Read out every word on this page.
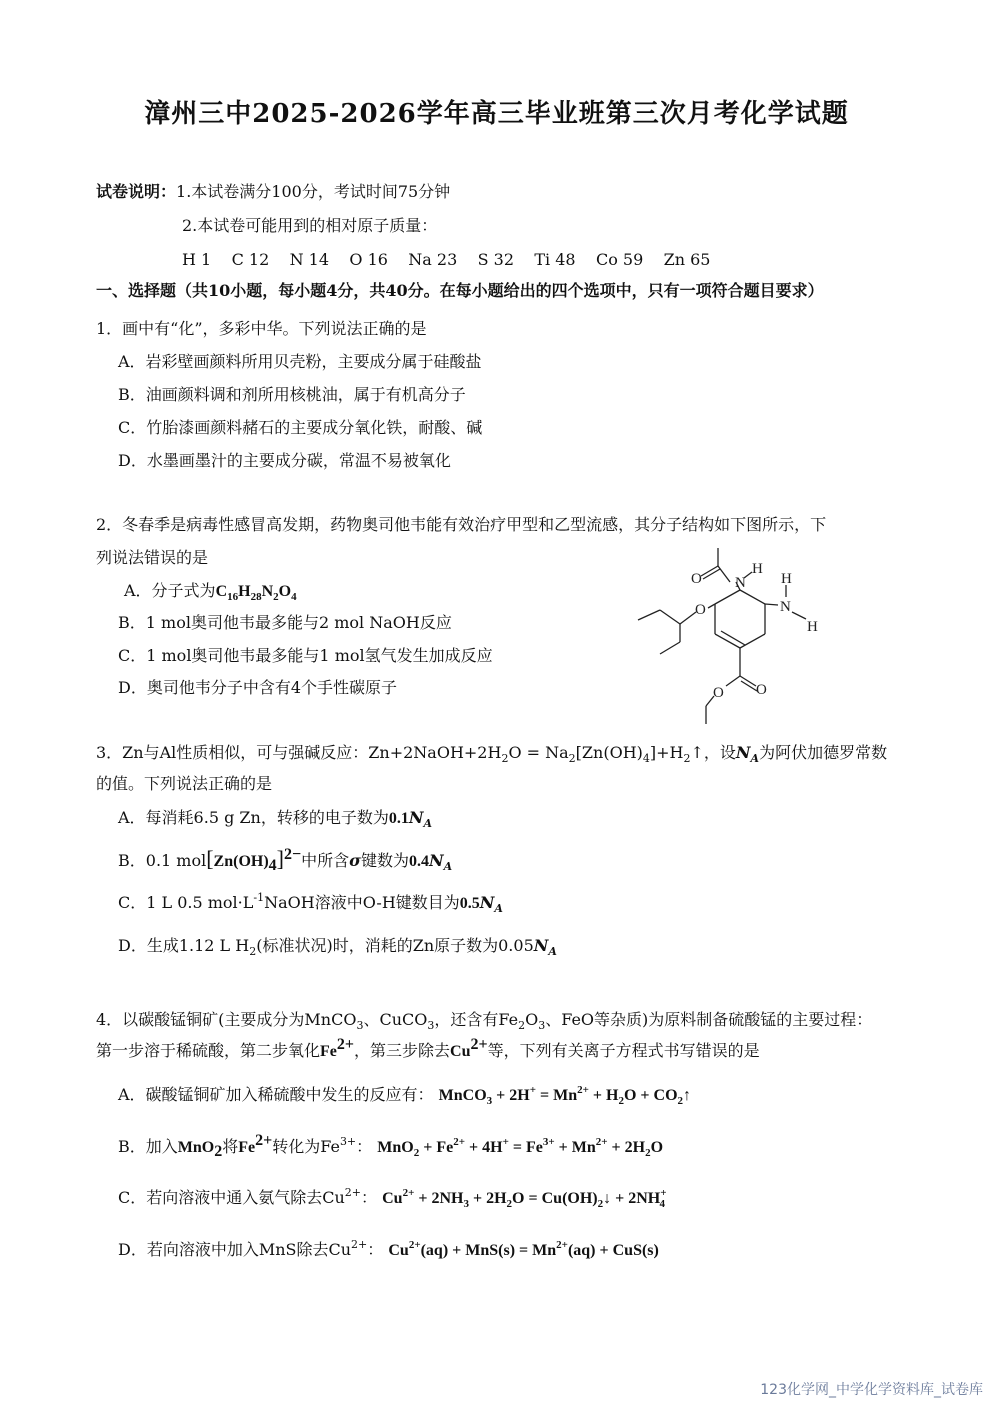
漳州三中2025-2026学年高三毕业班第三次月考化学试题
试卷说明：1.本试卷满分100分，考试时间75分钟
2.本试卷可能用到的相对原子质量：
H 1    C 12    N 14    O 16    Na 23    S 32    Ti 48    Co 59    Zn 65
一、选择题（共10小题，每小题4分，共40分。在每小题给出的四个选项中，只有一项符合题目要求）
1．画中有“化”，多彩中华。下列说法正确的是
A．岩彩壁画颜料所用贝壳粉，主要成分属于硅酸盐
B．油画颜料调和剂所用核桃油，属于有机高分子
C．竹胎漆画颜料赭石的主要成分氧化铁，耐酸、碱
D．水墨画墨汁的主要成分碳，常温不易被氧化
2．冬春季是病毒性感冒高发期，药物奥司他韦能有效治疗甲型和乙型流感，其分子结构如下图所示，下
列说法错误的是
A．分子式为$C_{16}H_{28}N_2O_4$
B．1 mol奥司他韦最多能与2 mol NaOH反应
C．1 mol奥司他韦最多能与1 mol氢气发生加成反应
D．奥司他韦分子中含有4个手性碳原子
N
H
O
N
H
H
O
O
O
3．Zn与Al性质相似，可与强碱反应：$Zn+2NaOH+2H_2O$ = $Na_2[Zn(OH)_4]+H_2↑$，设$N_A$为阿伏加德罗常数
的值。下列说法正确的是
A．每消耗6.5 g Zn，转移的电子数为$0.1N_A$
B．0.1 $mol[Zn(OH)_4]^{2-}$中所含σ键数为$0.4N_A$
C．1 L 0.5 $mol\cdot L^{-1}NaOH$溶液中O-H键数目为$0.5N_A$
D．生成1.12 L $H_2$(标准状况)时，消耗的Zn原子数为$0.05N_A$
4．以碳酸锰铜矿(主要成分为MnCO$_3$、CuCO$_3$，还含有$Fe_2O_3$、FeO等杂质)为原料制备硫酸锰的主要过程：
第一步溶于稀硫酸，第二步氧化$Fe^{2+}$，第三步除去$Cu^{2+}$等，下列有关离子方程式书写错误的是
A．碳酸锰铜矿加入稀硫酸中发生的反应有： MnCO$_3$ + $2H^+ = Mn^{2+} + H_2O$ + $CO_2↑$
B．加入MnO$_2$将$Fe^{2+}$转化为$Fe^{3+}$： $MnO_2 + Fe^{2+} + 4H^+ = Fe^{3+} + Mn^{2+} + 2H_2O$
C．若向溶液中通入氨气除去$Cu^{2+}$： $Cu^{2+} + 2NH_3 + 2H_2O$ = $Cu(OH)_2↓ + 2NH^+_4$
D．若向溶液中加入MnS除去$Cu^{2+}$： $Cu^{2+}(aq) + MnS(s) = Mn^{2+}(aq) + CuS(s)$
123化学网_中学化学资料库_试卷库
